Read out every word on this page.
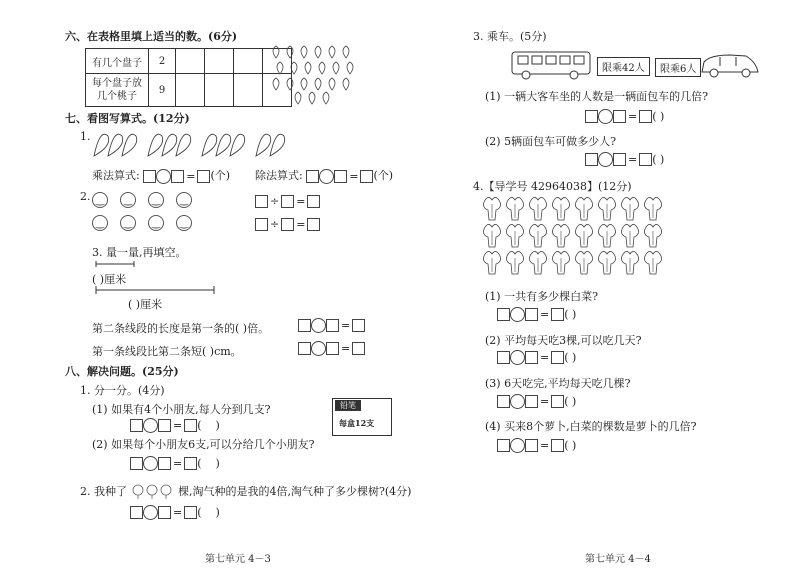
六、在表格里填上适当的数。(6分)
有几个盘子	2				
每个盘子放几个桃子	9				
七、看图写算式。(12分)
1.
乘法算式:	= (个) 除法算式:	= (个)
2. ‿ ‿ ‿ ‿
‿
‿
‿
‿	÷ =
÷ =
3. 量一量,再填空。
( )厘米
( )厘米
第二条线段的长度是第一条的( )倍。	=
第一条线段比第二条短( )cm。	=
八、解决问题。(25分)
1. 分一分。(4分)
(1) 如果有4个小朋友,每人分到几支?
= (    )
铅笔
每盒12支
(2) 如果每个小朋友6支,可以分给几个小朋友?
= (    )
2. 我种了	棵,淘气种的是我的4倍,淘气种了多少棵树?(4分)
= (    )
第七单元 4－3
3. 乘车。(5分)
限乘42人	限乘6人
(1) 一辆大客车坐的人数是一辆面包车的几倍?
= ( )
(2) 5辆面包车可做多少人?
= ( )
4.【导学号 42964038】(12分)
(1) 一共有多少棵白菜?
= ( )
(2) 平均每天吃3棵,可以吃几天?
= ( )
(3) 6天吃完,平均每天吃几棵?
= ( )
(4) 买来8个萝卜,白菜的棵数是萝卜的几倍?
= ( )
第七单元 4－4
